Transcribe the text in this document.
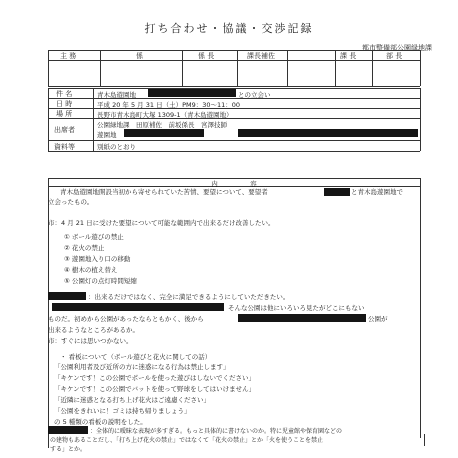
打ち合わせ・協議・交渉記録
都市整備部公園緑地課
主 務	係	係 長	課長補佐	課 長	部 長
件 名	青木島遊園地	との立会い
日 時	平成 20 年 5 月 31 日（土）PM9：30～11：00
場 所	長野市青木島町大塚 1309-1（青木島遊園地）
出席者
公園緑地課　田原補佐　前坂係長　宮澤技師
遊園地
資料等	別紙のとおり
内　　　　　容
青木島遊園地開設当初から寄せられていた苦情、要望について、要望者	と青木島遊園地で
立会ったもの。
市：4 月 21 日に受けた要望について可能な範囲内で出来るだけ改善したい。
① ボール遊びの禁止
② 花火の禁止
③ 遊園地入り口の移動
④ 樹木の植え替え
⑤ 公園灯の点灯時間短縮
：出来るだけではなく、完全に満足できるようにしていただきたい。
そんな公園は他にいろいろ見たがどこにもない
ものだ。初めから公園があったならともかく、後から	公園が
出来るようなところがあるか。
市：すぐには思いつかない。
・ 看板について（ボール遊びと花火に関しての話）
「公園利用者及び近所の方に迷惑になる行為は禁止します」
「キケンです！この公園でボールを使った遊びはしないでください」
「キケンです！この公園でバットを使って野球をしてはいけません」
「近隣に迷惑となる打ち上げ花火はご遠慮ください」
「公園をきれいに！ゴミは持ち帰りましょう」
の 5 種類の看板の説明をした。
：全体的に曖昧な表現が多すぎる。もっと具体的に書けないのか。特に児童館や保育園などの
の建物もあることだし、「打ち上げ花火の禁止」ではなくて「花火の禁止」とか「火を使うことを禁止
する」とか。
